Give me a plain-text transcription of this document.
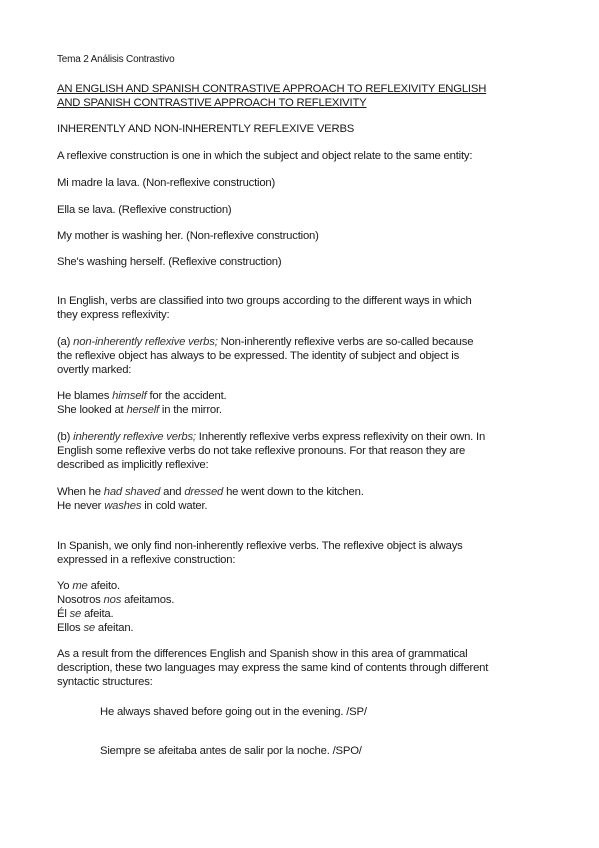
Tema 2 Análisis Contrastivo
AN ENGLISH AND SPANISH CONTRASTIVE APPROACH TO REFLEXIVITY ENGLISH
AND SPANISH CONTRASTIVE APPROACH TO REFLEXIVITY
INHERENTLY AND NON-INHERENTLY REFLEXIVE VERBS
A reflexive construction is one in which the subject and object relate to the same entity:
Mi madre la lava. (Non-reflexive construction)
Ella se lava. (Reflexive construction)
My mother is washing her. (Non-reflexive construction)
She's washing herself. (Reflexive construction)
In English, verbs are classified into two groups according to the different ways in which
they express reflexivity:
(a) non-inherently reflexive verbs; Non-inherently reflexive verbs are so-called because
the reflexive object has always to be expressed. The identity of subject and object is
overtly marked:
He blames himself for the accident.
She looked at herself in the mirror.
(b) inherently reflexive verbs; Inherently reflexive verbs express reflexivity on their own. In
English some reflexive verbs do not take reflexive pronouns. For that reason they are
described as implicitly reflexive:
When he had shaved and dressed he went down to the kitchen.
He never washes in cold water.
In Spanish, we only find non-inherently reflexive verbs. The reflexive object is always
expressed in a reflexive construction:
Yo me afeito.
Nosotros nos afeitamos.
Él se afeita.
Ellos se afeitan.
As a result from the differences English and Spanish show in this area of grammatical
description, these two languages may express the same kind of contents through different
syntactic structures:
He always shaved before going out in the evening. /SP/
Siempre se afeitaba antes de salir por la noche. /SPO/
